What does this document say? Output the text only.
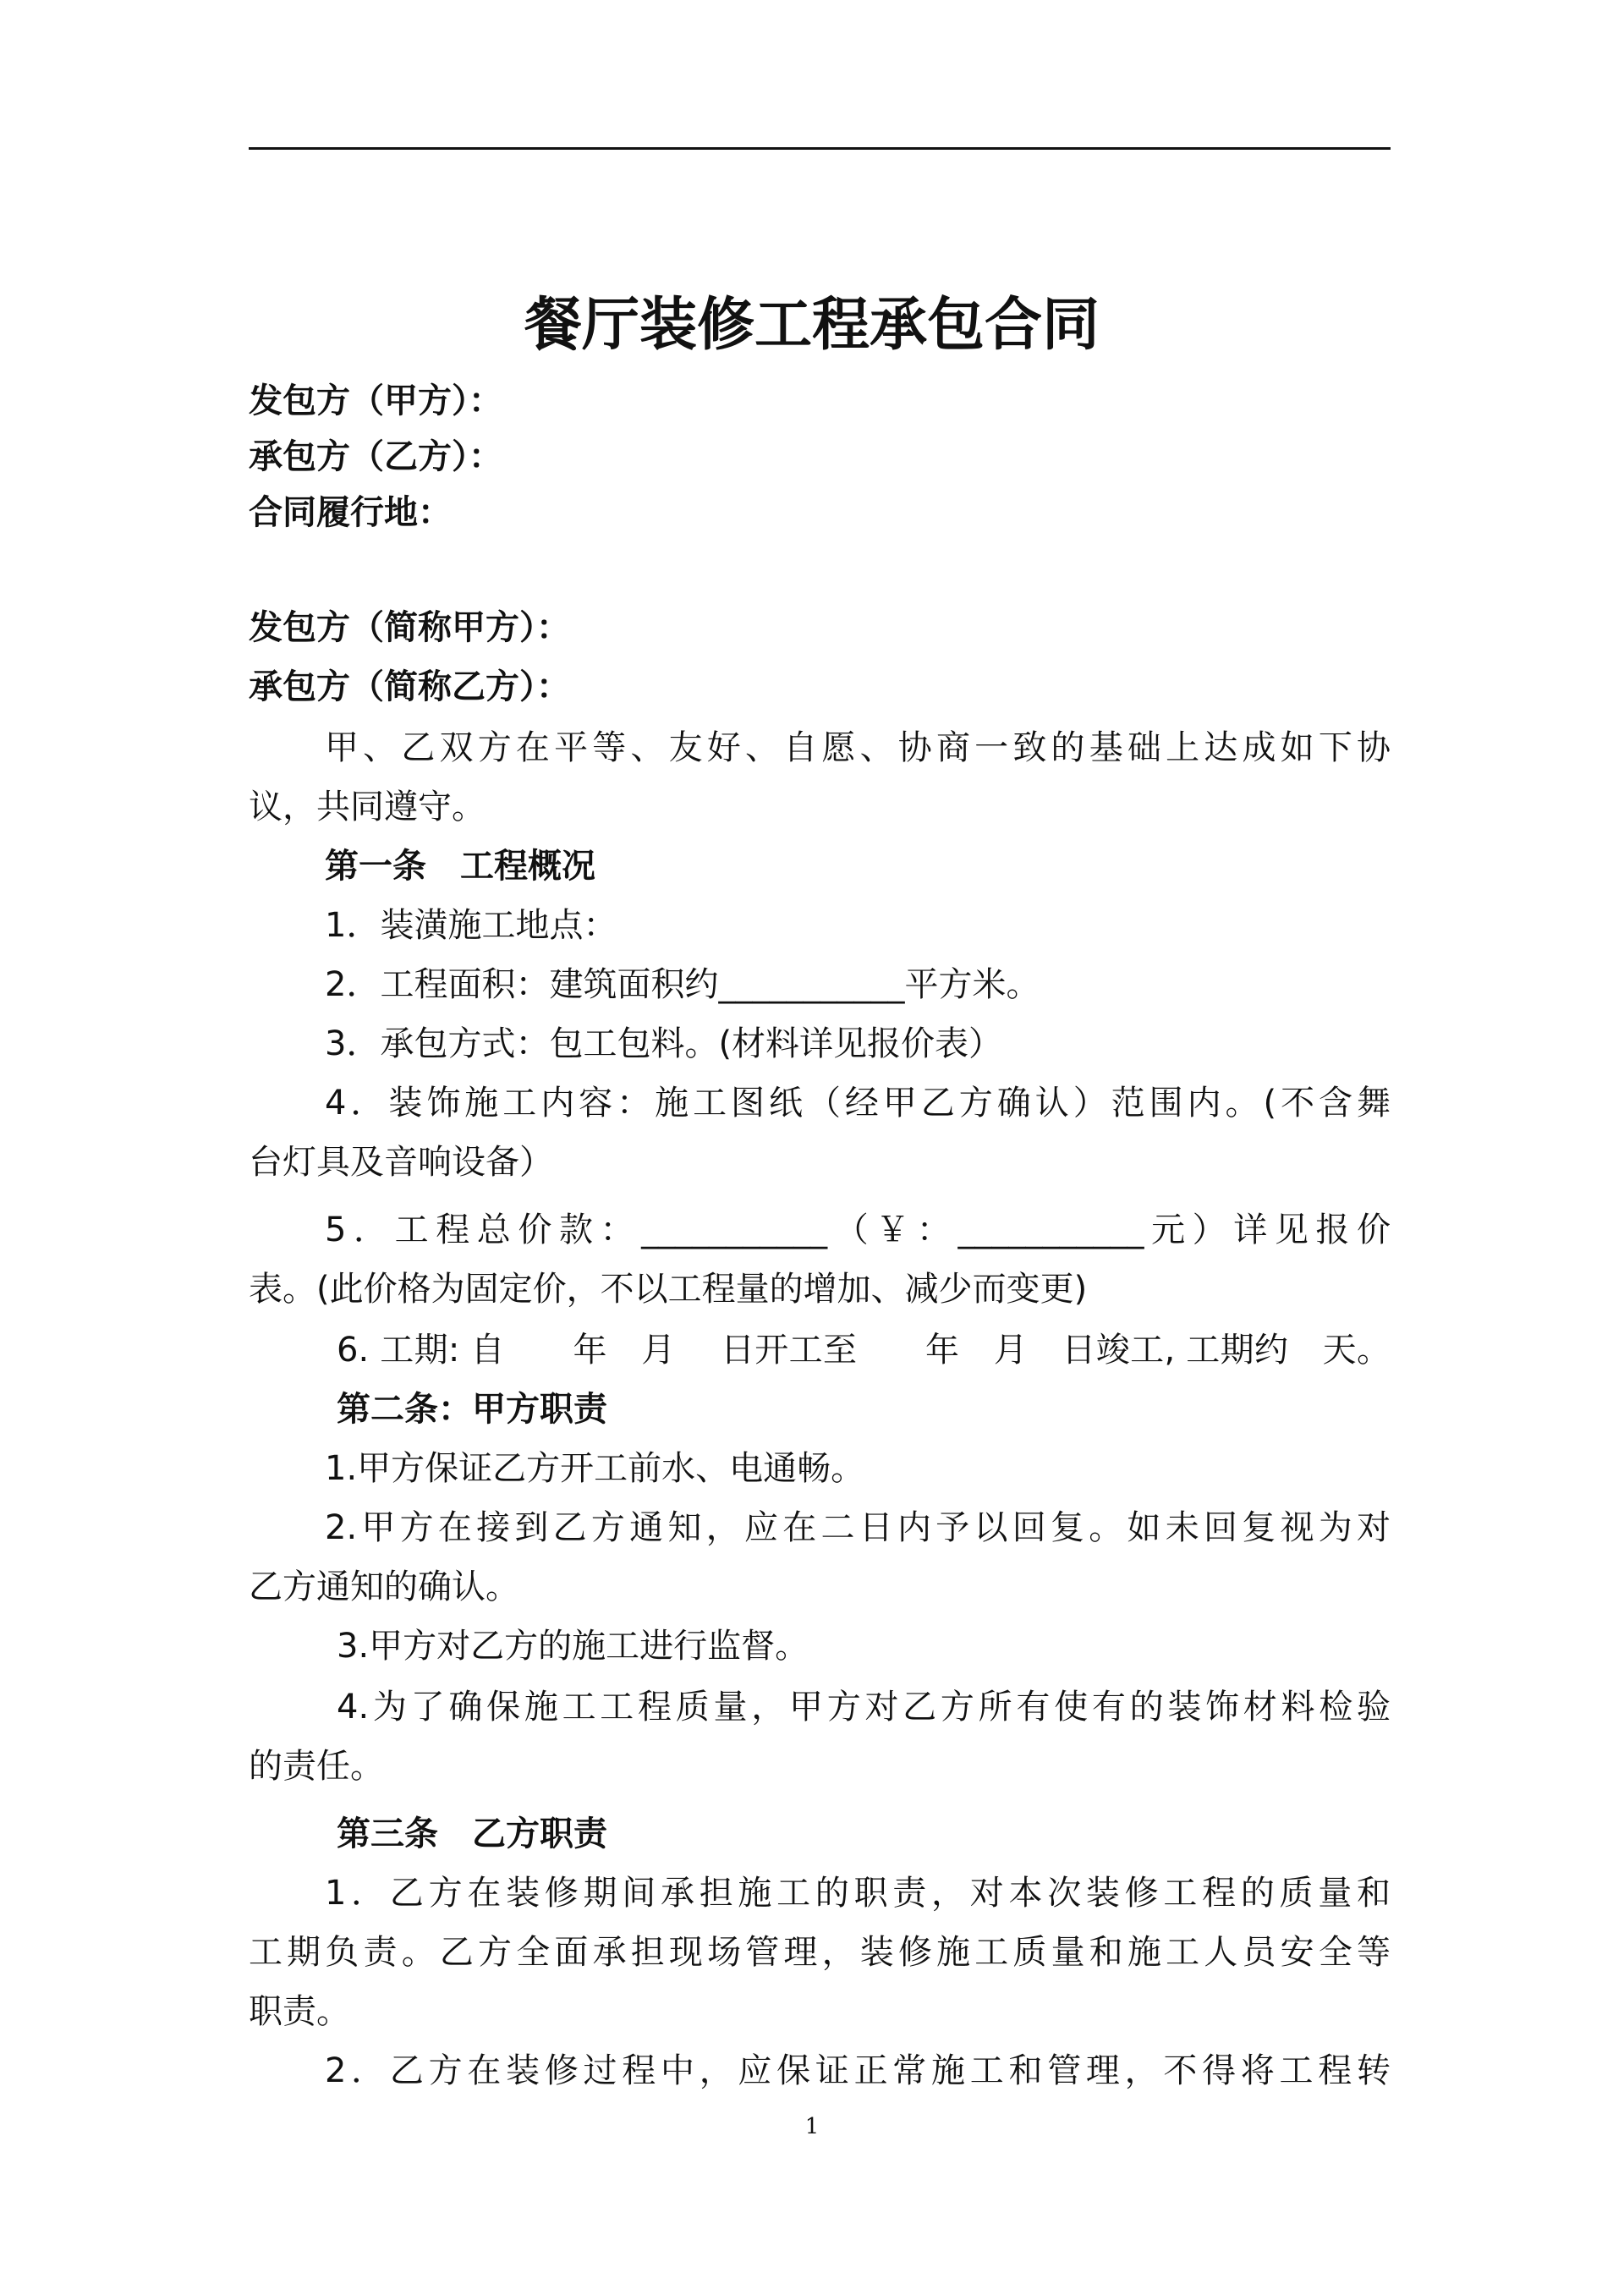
餐厅装修工程承包合同
发包方（甲方）：
承包方（乙方）：
合同履行地：
发包方（简称甲方）：
承包方（简称乙方）：
甲、乙双方在平等、友好、自愿、协商一致的基础上达成如下协
议，共同遵守。
第一条　工程概况
1．装潢施工地点：
2．工程面积：建筑面积约___________平方米。
3．承包方式：包工包料。(材料详见报价表）
4．装饰施工内容：施工图纸（经甲乙方确认）范围内。(不含舞
台灯具及音响设备）
5．工程总价款：___________（￥：___________元）详见报价
表。(此价格为固定价，不以工程量的增加、减少而变更)
6. 工期: 自　　年　月　 日开工至　　年　月　日竣工, 工期约　天。
第二条：甲方职责
1.甲方保证乙方开工前水、电通畅。
2.甲方在接到乙方通知，应在二日内予以回复。如未回复视为对
乙方通知的确认。
3.甲方对乙方的施工进行监督。
4.为了确保施工工程质量，甲方对乙方所有使有的装饰材料检验
的责任。
第三条　乙方职责
1．乙方在装修期间承担施工的职责，对本次装修工程的质量和
工期负责。乙方全面承担现场管理，装修施工质量和施工人员安全等
职责。
2．乙方在装修过程中，应保证正常施工和管理，不得将工程转
1
